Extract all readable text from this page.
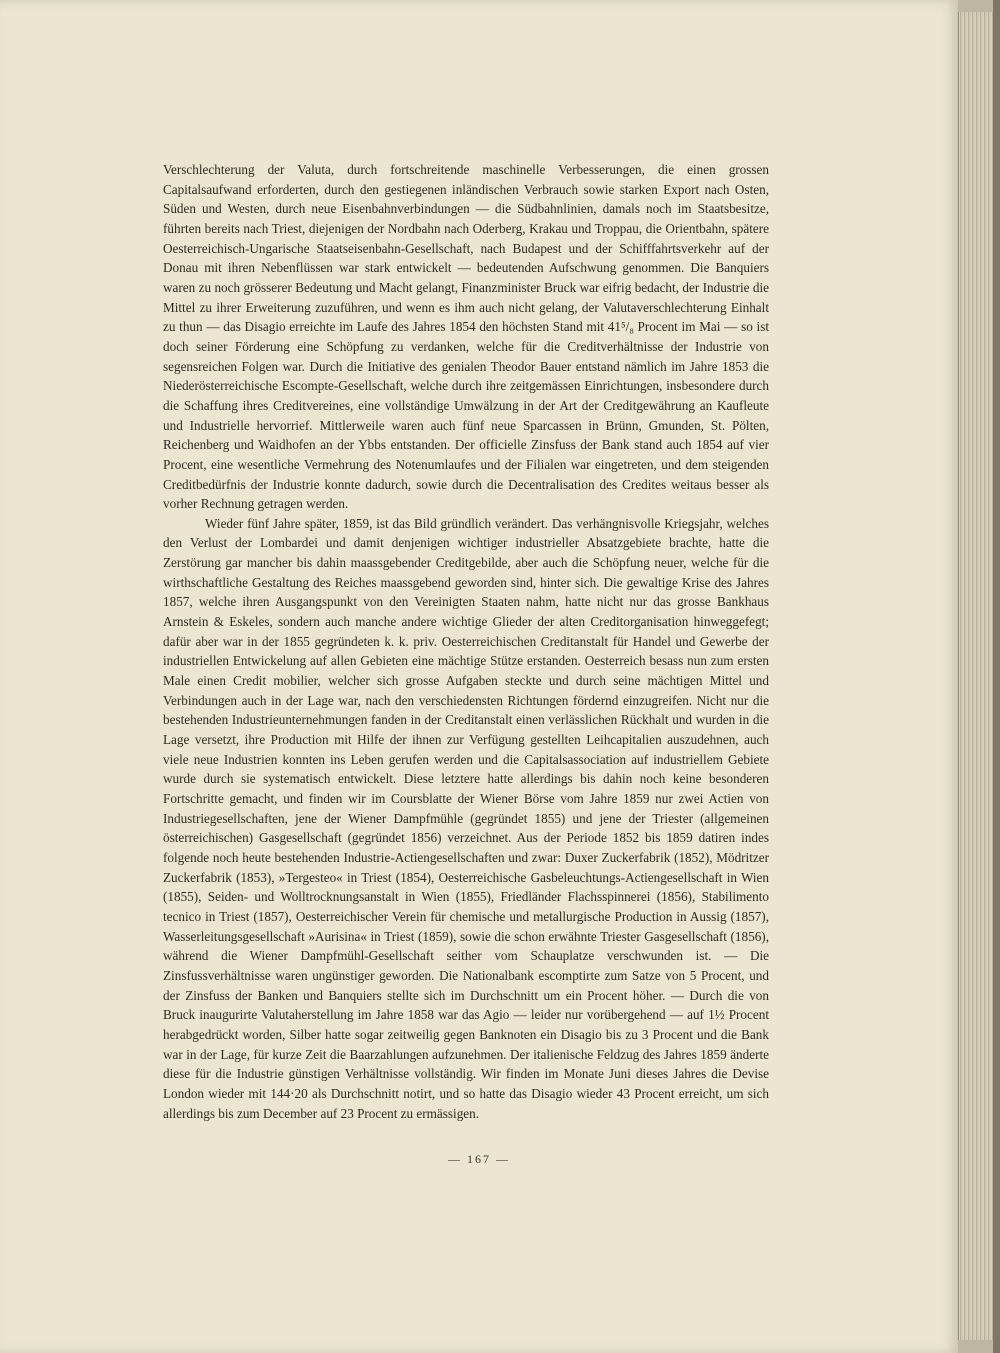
Verschlechterung der Valuta, durch fortschreitende maschinelle Verbesserungen, die einen grossen Capitalsaufwand erforderten, durch den gestiegenen inländischen Verbrauch sowie starken Export nach Osten, Süden und Westen, durch neue Eisenbahnverbindungen — die Südbahnlinien, damals noch im Staatsbesitze, führten bereits nach Triest, diejenigen der Nordbahn nach Oderberg, Krakau und Troppau, die Orientbahn, spätere Oesterreichisch-Ungarische Staatseisenbahn-Gesellschaft, nach Budapest und der Schifffahrtsverkehr auf der Donau mit ihren Nebenflüssen war stark entwickelt — bedeutenden Aufschwung genommen. Die Banquiers waren zu noch grösserer Bedeutung und Macht gelangt, Finanzminister Bruck war eifrig bedacht, der Industrie die Mittel zu ihrer Erweiterung zuzuführen, und wenn es ihm auch nicht gelang, der Valutaverschlechterung Einhalt zu thun — das Disagio erreichte im Laufe des Jahres 1854 den höchsten Stand mit 41⁵/₈ Procent im Mai — so ist doch seiner Förderung eine Schöpfung zu verdanken, welche für die Creditverhältnisse der Industrie von segensreichen Folgen war. Durch die Initiative des genialen Theodor Bauer entstand nämlich im Jahre 1853 die Niederösterreichische Escompte-Gesellschaft, welche durch ihre zeitgemässen Einrichtungen, insbesondere durch die Schaffung ihres Creditvereines, eine vollständige Umwälzung in der Art der Creditgewährung an Kaufleute und Industrielle hervorrief. Mittlerweile waren auch fünf neue Sparcassen in Brünn, Gmunden, St. Pölten, Reichenberg und Waidhofen an der Ybbs entstanden. Der officielle Zinsfuss der Bank stand auch 1854 auf vier Procent, eine wesentliche Vermehrung des Notenumlaufes und der Filialen war eingetreten, und dem steigenden Creditbedürfnis der Industrie konnte dadurch, sowie durch die Decentralisation des Credites weitaus besser als vorher Rechnung getragen werden.

Wieder fünf Jahre später, 1859, ist das Bild gründlich verändert. Das verhängnisvolle Kriegsjahr, welches den Verlust der Lombardei und damit denjenigen wichtiger industrieller Absatzgebiete brachte, hatte die Zerstörung gar mancher bis dahin maassgebender Creditgebilde, aber auch die Schöpfung neuer, welche für die wirthschaftliche Gestaltung des Reiches maassgebend geworden sind, hinter sich. Die gewaltige Krise des Jahres 1857, welche ihren Ausgangspunkt von den Vereinigten Staaten nahm, hatte nicht nur das grosse Bankhaus Arnstein & Eskeles, sondern auch manche andere wichtige Glieder der alten Creditorganisation hinweggefegt; dafür aber war in der 1855 gegründeten k. k. priv. Oesterreichischen Creditanstalt für Handel und Gewerbe der industriellen Entwickelung auf allen Gebieten eine mächtige Stütze erstanden. Oesterreich besass nun zum ersten Male einen Credit mobilier, welcher sich grosse Aufgaben steckte und durch seine mächtigen Mittel und Verbindungen auch in der Lage war, nach den verschiedensten Richtungen fördernd einzugreifen. Nicht nur die bestehenden Industrieunternehmungen fanden in der Creditanstalt einen verlässlichen Rückhalt und wurden in die Lage versetzt, ihre Production mit Hilfe der ihnen zur Verfügung gestellten Leihcapitalien auszudehnen, auch viele neue Industrien konnten ins Leben gerufen werden und die Capitalsassociation auf industriellem Gebiete wurde durch sie systematisch entwickelt. Diese letztere hatte allerdings bis dahin noch keine besonderen Fortschritte gemacht, und finden wir im Coursblatte der Wiener Börse vom Jahre 1859 nur zwei Actien von Industriegesellschaften, jene der Wiener Dampfmühle (gegründet 1855) und jene der Triester (allgemeinen österreichischen) Gasgesellschaft (gegründet 1856) verzeichnet. Aus der Periode 1852 bis 1859 datiren indes folgende noch heute bestehenden Industrie-Actiengesellschaften und zwar: Duxer Zuckerfabrik (1852), Mödritzer Zuckerfabrik (1853), »Tergesteo« in Triest (1854), Oesterreichische Gasbeleuchtungs-Actiengesellschaft in Wien (1855), Seiden- und Wolltrocknungsanstalt in Wien (1855), Friedländer Flachsspinnerei (1856), Stabilimento tecnico in Triest (1857), Oesterreichischer Verein für chemische und metallurgische Production in Aussig (1857), Wasserleitungsgesellschaft »Aurisina« in Triest (1859), sowie die schon erwähnte Triester Gasgesellschaft (1856), während die Wiener Dampfmühl-Gesellschaft seither vom Schauplatze verschwunden ist. — Die Zinsfussverhältnisse waren ungünstiger geworden. Die Nationalbank escomptirte zum Satze von 5 Procent, und der Zinsfuss der Banken und Banquiers stellte sich im Durchschnitt um ein Procent höher. — Durch die von Bruck inaugurirte Valutaherstellung im Jahre 1858 war das Agio — leider nur vorübergehend — auf 1½ Procent herabgedrückt worden, Silber hatte sogar zeitweilig gegen Banknoten ein Disagio bis zu 3 Procent und die Bank war in der Lage, für kurze Zeit die Baarzahlungen aufzunehmen. Der italienische Feldzug des Jahres 1859 änderte diese für die Industrie günstigen Verhältnisse vollständig. Wir finden im Monate Juni dieses Jahres die Devise London wieder mit 144·20 als Durchschnitt notirt, und so hatte das Disagio wieder 43 Procent erreicht, um sich allerdings bis zum December auf 23 Procent zu ermässigen.

— 167 —
